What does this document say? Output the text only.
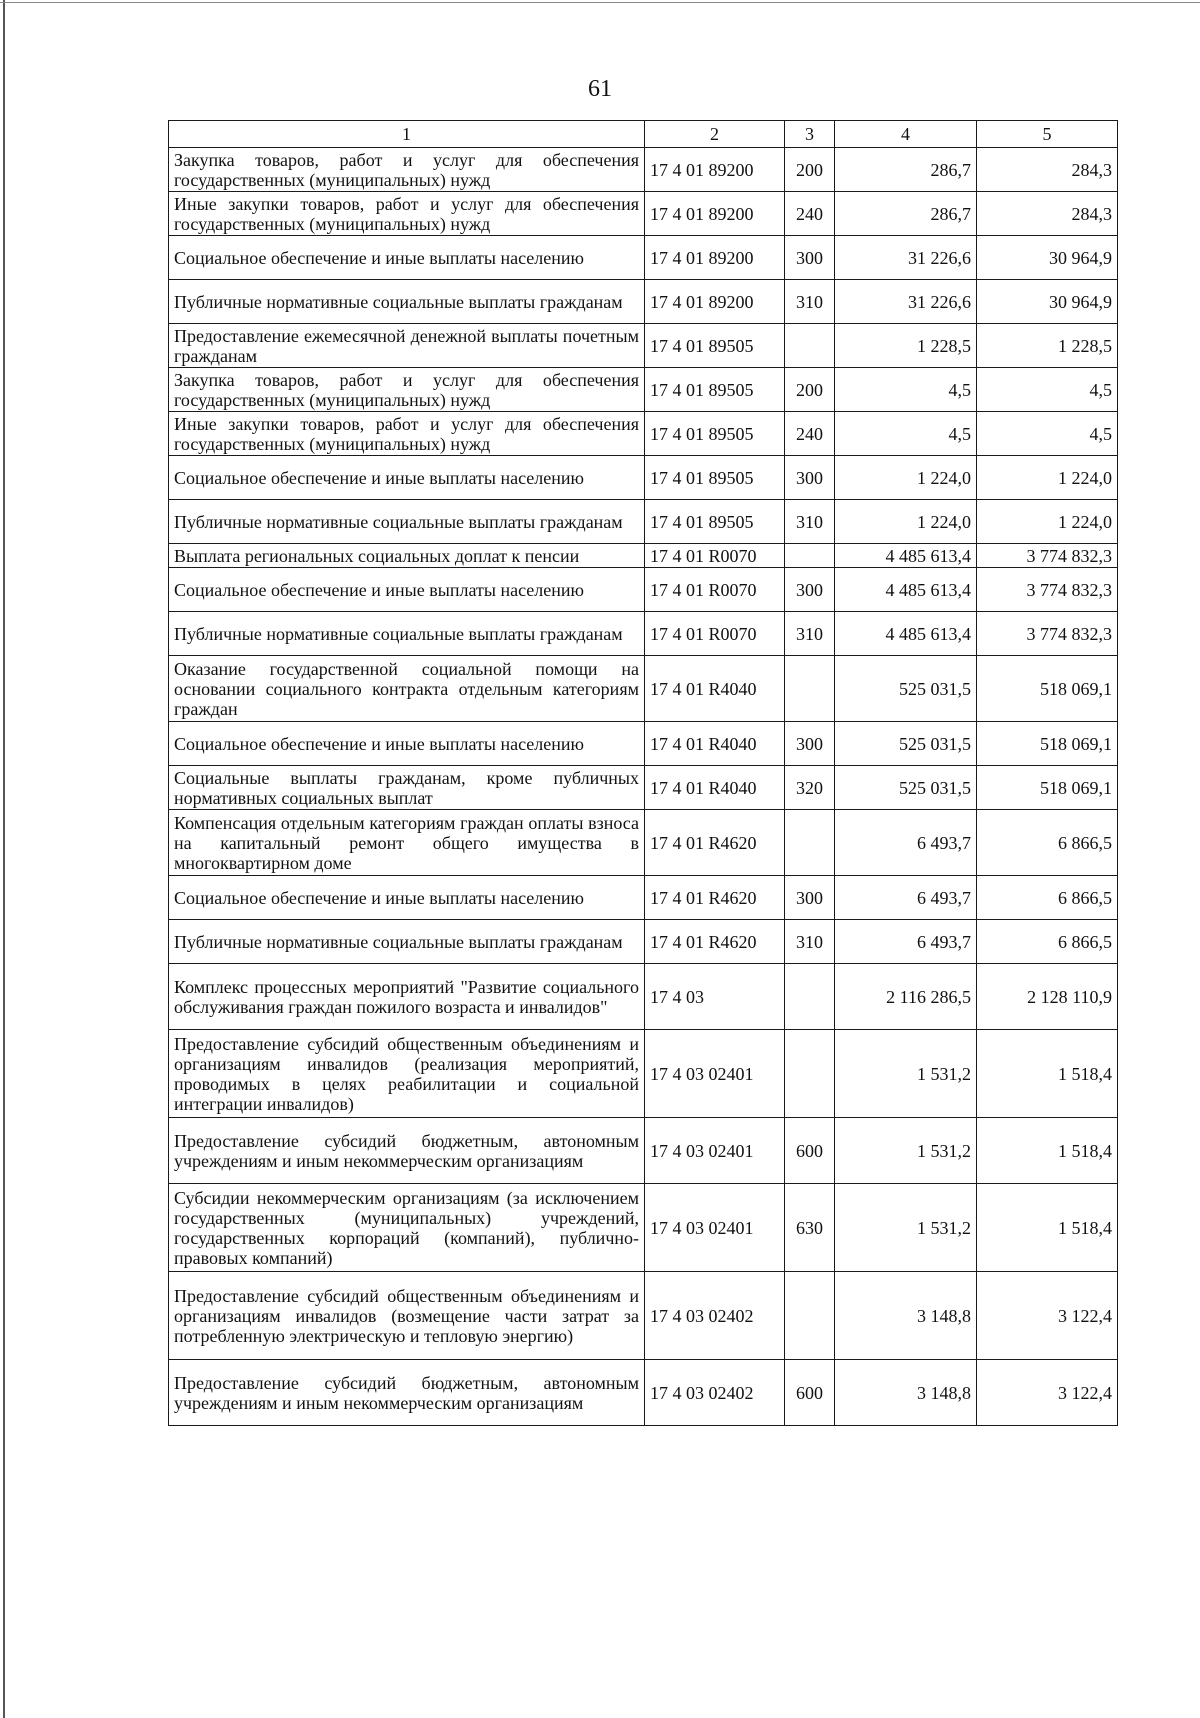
61
1	2	3	4	5
Закупка товаров, работ и услуг для обеспечения государственных (муниципальных) нужд	17 4 01 89200	200	286,7	284,3
Иные закупки товаров, работ и услуг для обеспечения государственных (муниципальных) нужд	17 4 01 89200	240	286,7	284,3
Социальное обеспечение и иные выплаты населению	17 4 01 89200	300	31 226,6	30 964,9
Публичные нормативные социальные выплаты гражданам	17 4 01 89200	310	31 226,6	30 964,9
Предоставление ежемесячной денежной выплаты почетным гражданам	17 4 01 89505		1 228,5	1 228,5
Закупка товаров, работ и услуг для обеспечения государственных (муниципальных) нужд	17 4 01 89505	200	4,5	4,5
Иные закупки товаров, работ и услуг для обеспечения государственных (муниципальных) нужд	17 4 01 89505	240	4,5	4,5
Социальное обеспечение и иные выплаты населению	17 4 01 89505	300	1 224,0	1 224,0
Публичные нормативные социальные выплаты гражданам	17 4 01 89505	310	1 224,0	1 224,0
Выплата региональных социальных доплат к пенсии	17 4 01 R0070		4 485 613,4	3 774 832,3
Социальное обеспечение и иные выплаты населению	17 4 01 R0070	300	4 485 613,4	3 774 832,3
Публичные нормативные социальные выплаты гражданам	17 4 01 R0070	310	4 485 613,4	3 774 832,3
Оказание государственной социальной помощи на основании социального контракта отдельным категориям граждан	17 4 01 R4040		525 031,5	518 069,1
Социальное обеспечение и иные выплаты населению	17 4 01 R4040	300	525 031,5	518 069,1
Социальные выплаты гражданам, кроме публичных нормативных социальных выплат	17 4 01 R4040	320	525 031,5	518 069,1
Компенсация отдельным категориям граждан оплаты взноса на капитальный ремонт общего имущества в многоквартирном доме	17 4 01 R4620		6 493,7	6 866,5
Социальное обеспечение и иные выплаты населению	17 4 01 R4620	300	6 493,7	6 866,5
Публичные нормативные социальные выплаты гражданам	17 4 01 R4620	310	6 493,7	6 866,5
Комплекс процессных мероприятий "Развитие социального обслуживания граждан пожилого возраста и инвалидов"	17 4 03		2 116 286,5	2 128 110,9
Предоставление субсидий общественным объединениям и организациям инвалидов (реализация мероприятий, проводимых в целях реабилитации и социальной интеграции инвалидов)	17 4 03 02401		1 531,2	1 518,4
Предоставление субсидий бюджетным, автономным учреждениям и иным некоммерческим организациям	17 4 03 02401	600	1 531,2	1 518,4
Субсидии некоммерческим организациям (за исключением государственных (муниципальных) учреждений, государственных корпораций (компаний), публично-правовых компаний)	17 4 03 02401	630	1 531,2	1 518,4
Предоставление субсидий общественным объединениям и организациям инвалидов (возмещение части затрат за потребленную электрическую и тепловую энергию)	17 4 03 02402		3 148,8	3 122,4
Предоставление субсидий бюджетным, автономным учреждениям и иным некоммерческим организациям	17 4 03 02402	600	3 148,8	3 122,4
